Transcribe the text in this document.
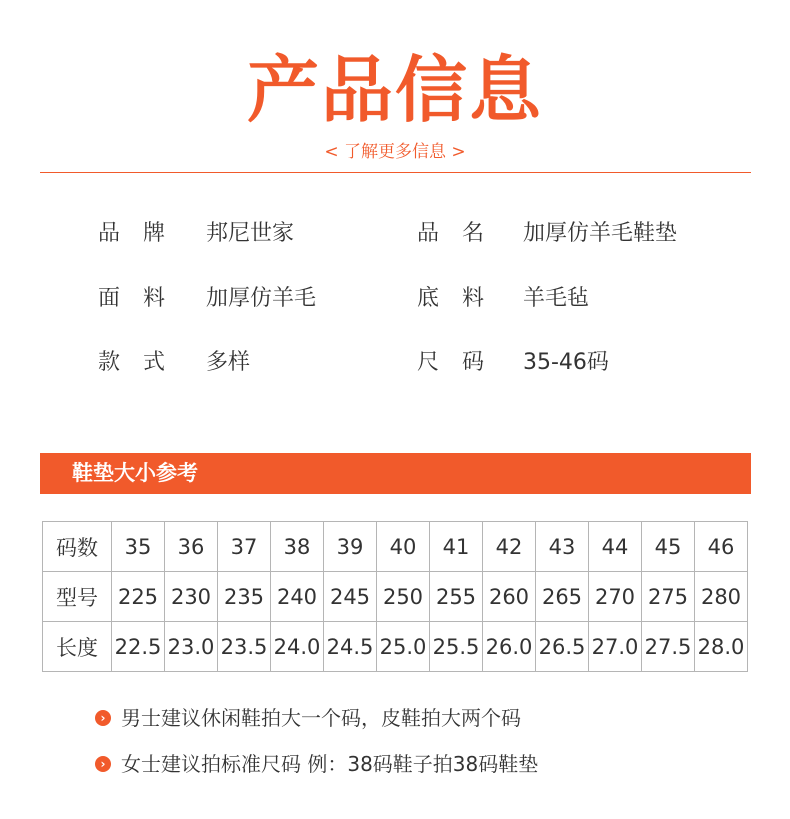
产品信息
< 了解更多信息 >
品 牌 邦尼世家	品 名 加厚仿羊毛鞋垫
面 料 加厚仿羊毛	底 料 羊毛毡
款 式 多样	尺 码 35-46码
鞋垫大小参考
码数	35	36	37	38	39	40	41	42	43	44	45	46
型号	225	230	235	240	245	250	255	260	265	270	275	280
长度	22.5	23.0	23.5	24.0	24.5	25.0	25.5	26.0	26.5	27.0	27.5	28.0
› 男士建议休闲鞋拍大一个码，皮鞋拍大两个码
› 女士建议拍标准尺码 例：38码鞋子拍38码鞋垫
